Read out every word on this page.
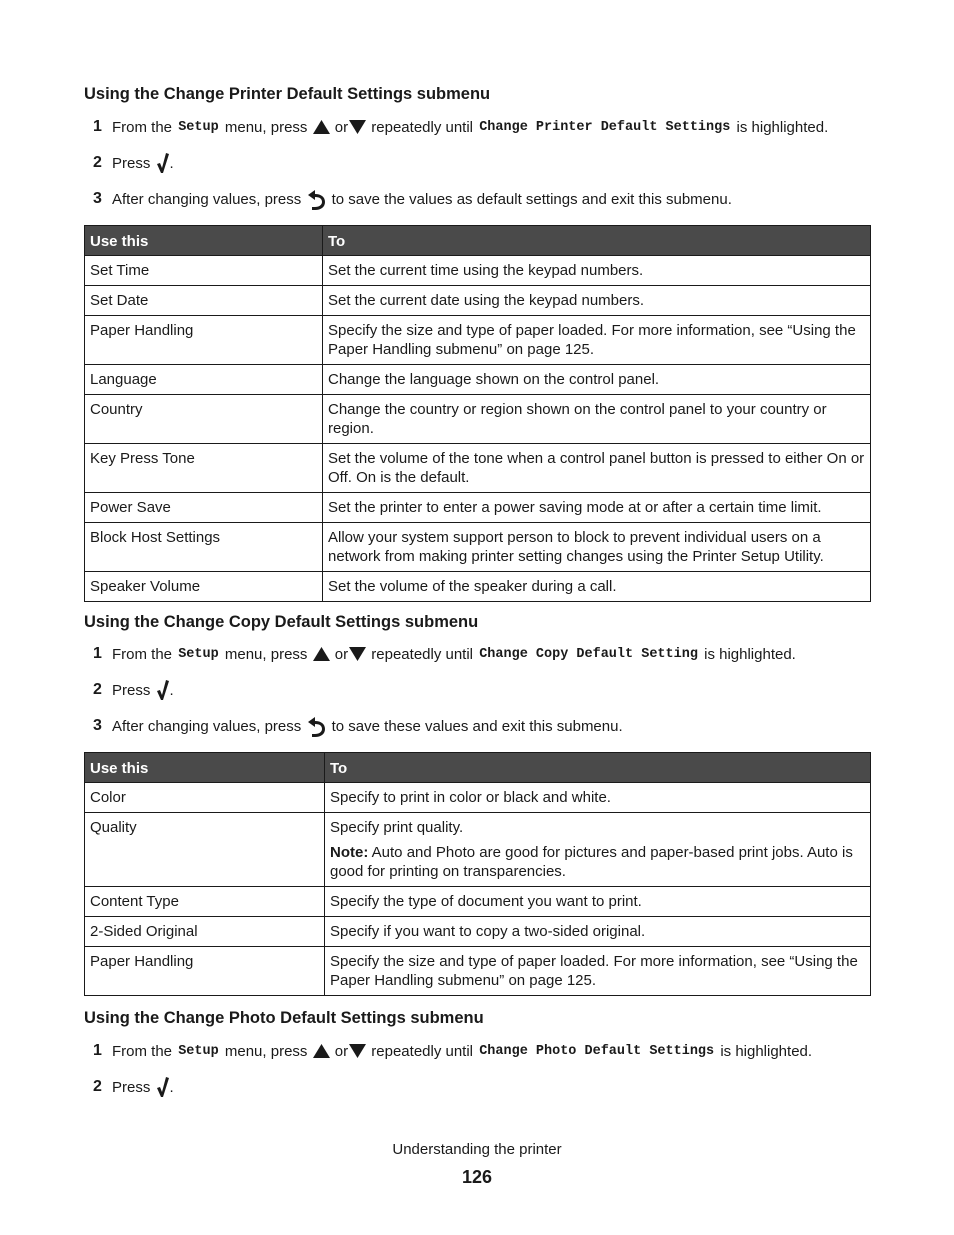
Using the Change Printer Default Settings submenu
1 From the
Setup
menu, press

or
repeatedly until
Change Printer Default Settings
is highlighted.
2 Press
.
3 After changing values, press

to save the values as default settings and exit this submenu.
Use this	To
Set Time	Set the current time using the keypad numbers.
Set Date	Set the current date using the keypad numbers.
Paper Handling	Specify the size and type of paper loaded. For more information, see “Using the Paper Handling submenu” on page 125.
Language	Change the language shown on the control panel.
Country	Change the country or region shown on the control panel to your country or region.
Key Press Tone	Set the volume of the tone when a control panel button is pressed to either On or Off. On is the default.
Power Save	Set the printer to enter a power saving mode at or after a certain time limit.
Block Host Settings	Allow your system support person to block to prevent individual users on a network from making printer setting changes using the Printer Setup Utility.
Speaker Volume	Set the volume of the speaker during a call.
Using the Change Copy Default Settings submenu
1 From the
Setup
menu, press

or
repeatedly until
Change Copy Default Setting
is highlighted.
2 Press
.
3 After changing values, press

to save these values and exit this submenu.
Use this	To
Color	Specify to print in color or black and white.
Quality	Specify print quality.

Note: Auto and Photo are good for pictures and paper-based print jobs. Auto is good for printing on transparencies.

Content Type	Specify the type of document you want to print.
2-Sided Original	Specify if you want to copy a two-sided original.
Paper Handling	Specify the size and type of paper loaded. For more information, see “Using the Paper Handling submenu” on page 125.
Using the Change Photo Default Settings submenu
1 From the
Setup
menu, press

or
repeatedly until
Change Photo Default Settings
is highlighted.
2 Press
.
Understanding the printer
126
